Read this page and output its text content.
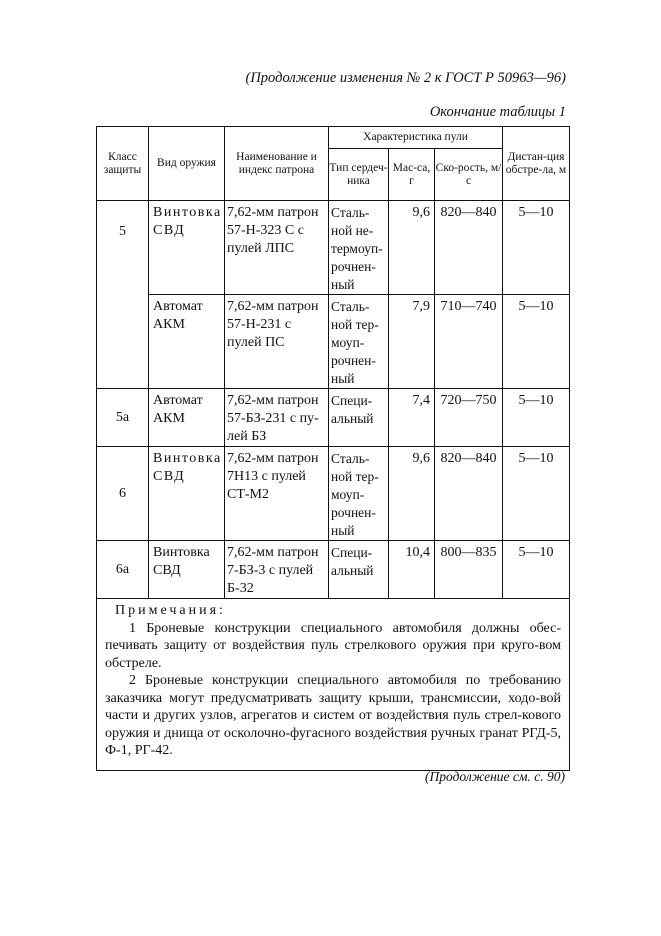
(Продолжение изменения № 2 к ГОСТ Р 50963—96)
Окончание таблицы 1
Класс защиты	Вид оружия	Наименование и индекс патрона	Характеристика пули			Дистан-ция обстре-ла, м
			Тип сердеч-ника	Мас-са, г	Ско-рость, м/с	
5	Винтовка СВД	7,62-мм патрон 57-Н-323 С с пулей ЛПС	Сталь-ной не-термоуп-рочнен-ный	9,6	820—840	5—10
	Автомат АКМ	7,62-мм патрон 57-Н-231 с пулей ПС	Сталь-ной тер-моуп-рочнен-ный	7,9	710—740	5—10
5а	Автомат АКМ	7,62-мм патрон 57-БЗ-231 с пу-лей БЗ	Специ-альный	7,4	720—750	5—10
6	Винтовка СВД	7,62-мм патрон 7Н13 с пулей СТ-М2	Сталь-ной тер-моуп-рочнен-ный	9,6	820—840	5—10
6а	Винтовка СВД	7,62-мм патрон 7-БЗ-3 с пулей Б-32	Специ-альный	10,4	800—835	5—10

Примечания:

1 Броневые конструкции специального автомобиля должны обес-печивать защиту от воздействия пуль стрелкового оружия при круго-вом обстреле.

2 Броневые конструкции специального автомобиля по требованию заказчика могут предусматривать защиту крыши, трансмиссии, ходо-вой части и других узлов, агрегатов и систем от воздействия пуль стрел-кового оружия и днища от осколочно-фугасного воздействия ручных гранат РГД-5, Ф-1, РГ-42.						

(Продолжение см. с. 90)
